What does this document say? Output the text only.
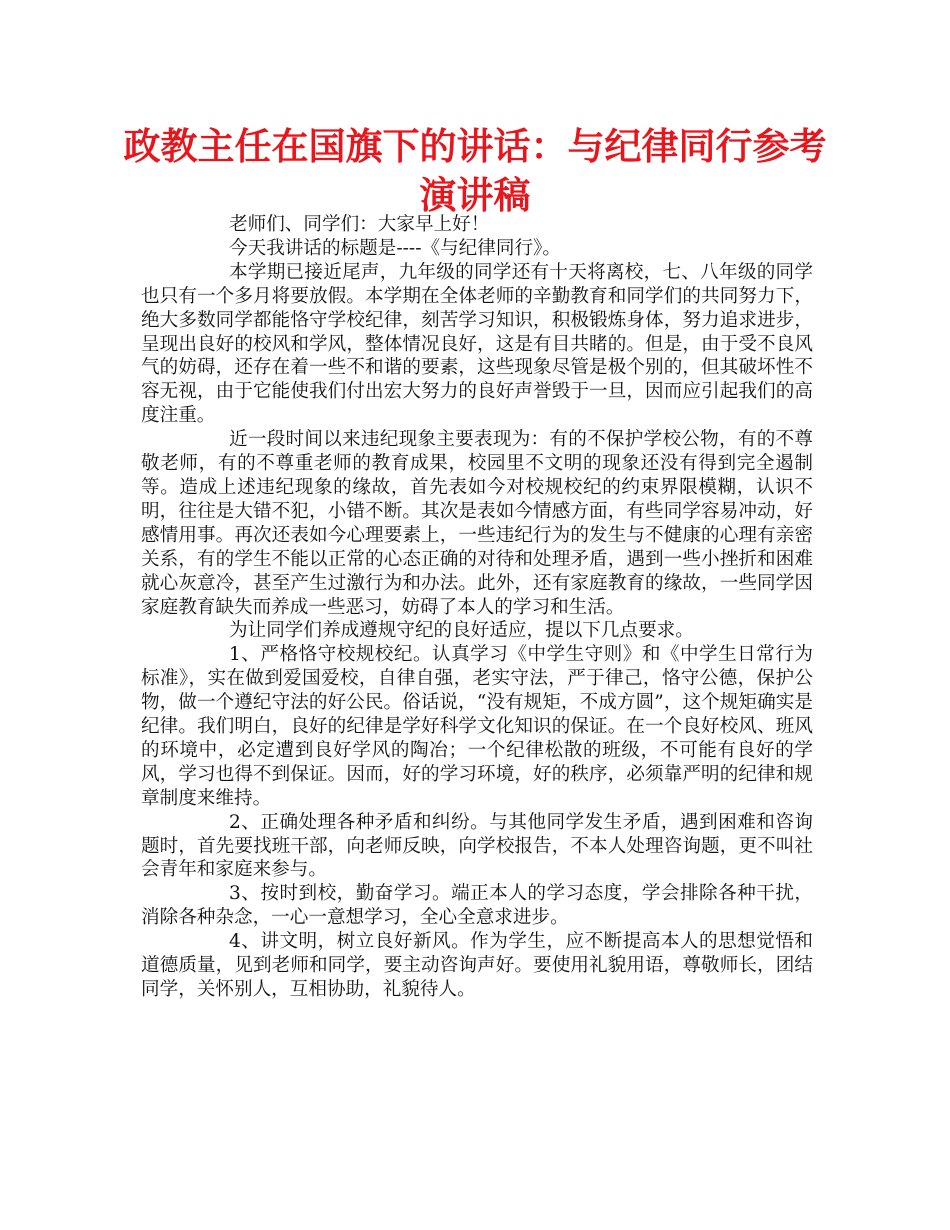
政教主任在国旗下的讲话：与纪律同行参考演讲稿

老师们、同学们：大家早上好！

今天我讲话的标题是----《与纪律同行》。

本学期已接近尾声，九年级的同学还有十天将离校，七、八年级的同学也只有一个多月将要放假。本学期在全体老师的辛勤教育和同学们的共同努力下，绝大多数同学都能恪守学校纪律，刻苦学习知识，积极锻炼身体，努力追求进步，呈现出良好的校风和学风，整体情况良好，这是有目共睹的。但是，由于受不良风气的妨碍，还存在着一些不和谐的要素，这些现象尽管是极个别的，但其破坏性不容无视，由于它能使我们付出宏大努力的良好声誉毁于一旦，因而应引起我们的高度注重。

近一段时间以来违纪现象主要表现为：有的不保护学校公物，有的不尊敬老师，有的不尊重老师的教育成果，校园里不文明的现象还没有得到完全遏制等。造成上述违纪现象的缘故，首先表如今对校规校纪的约束界限模糊，认识不明，往往是大错不犯，小错不断。其次是表如今情感方面，有些同学容易冲动，好感情用事。再次还表如今心理要素上，一些违纪行为的发生与不健康的心理有亲密关系，有的学生不能以正常的心态正确的对待和处理矛盾，遇到一些小挫折和困难就心灰意冷，甚至产生过激行为和办法。此外，还有家庭教育的缘故，一些同学因家庭教育缺失而养成一些恶习，妨碍了本人的学习和生活。

为让同学们养成遵规守纪的良好适应，提以下几点要求。

1、严格恪守校规校纪。认真学习《中学生守则》和《中学生日常行为标准》，实在做到爱国爱校，自律自强，老实守法，严于律己，恪守公德，保护公物，做一个遵纪守法的好公民。俗话说，“没有规矩，不成方圆”，这个规矩确实是纪律。我们明白，良好的纪律是学好科学文化知识的保证。在一个良好校风、班风的环境中，必定遭到良好学风的陶冶；一个纪律松散的班级，不可能有良好的学风，学习也得不到保证。因而，好的学习环境，好的秩序，必须靠严明的纪律和规章制度来维持。

2、正确处理各种矛盾和纠纷。与其他同学发生矛盾，遇到困难和咨询题时，首先要找班干部，向老师反映，向学校报告，不本人处理咨询题，更不叫社会青年和家庭来参与。

3、按时到校，勤奋学习。端正本人的学习态度，学会排除各种干扰，消除各种杂念，一心一意想学习，全心全意求进步。

4、讲文明，树立良好新风。作为学生，应不断提高本人的思想觉悟和道德质量，见到老师和同学，要主动咨询声好。要使用礼貌用语，尊敬师长，团结同学，关怀别人，互相协助，礼貌待人。
